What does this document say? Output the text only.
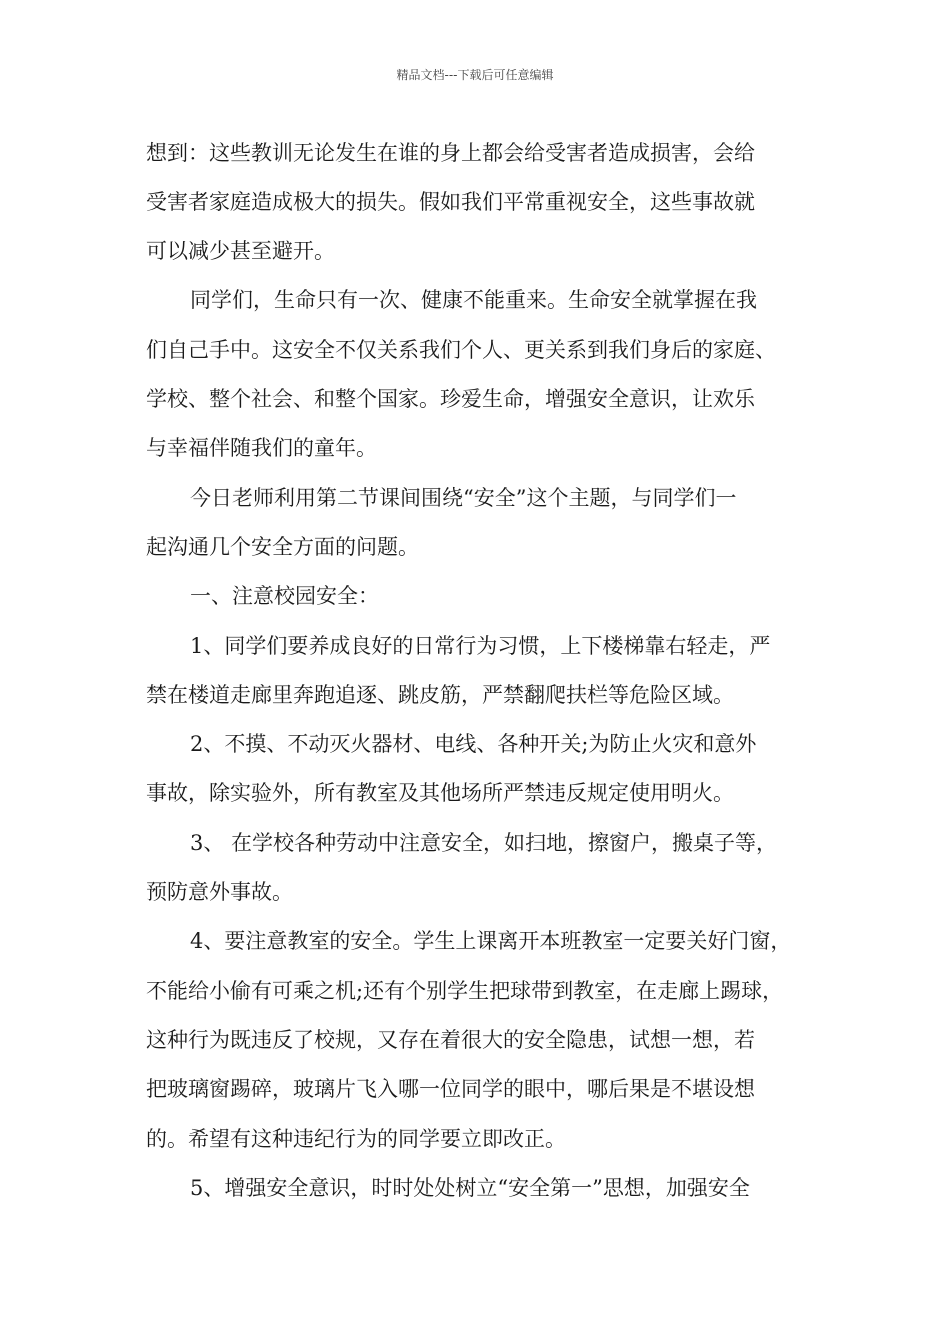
精品文档---下载后可任意编辑
想到：这些教训无论发生在谁的身上都会给受害者造成损害，会给
受害者家庭造成极大的损失。假如我们平常重视安全，这些事故就
可以减少甚至避开。
同学们，生命只有一次、健康不能重来。生命安全就掌握在我
们自己手中。这安全不仅关系我们个人、更关系到我们身后的家庭、
学校、整个社会、和整个国家。珍爱生命，增强安全意识，让欢乐
与幸福伴随我们的童年。
今日老师利用第二节课间围绕“安全”这个主题，与同学们一
起沟通几个安全方面的问题。
一、注意校园安全：
1、同学们要养成良好的日常行为习惯，上下楼梯靠右轻走，严
禁在楼道走廊里奔跑追逐、跳皮筋，严禁翻爬扶栏等危险区域。
2、不摸、不动灭火器材、电线、各种开关;为防止火灾和意外
事故，除实验外，所有教室及其他场所严禁违反规定使用明火。
3、 在学校各种劳动中注意安全，如扫地，擦窗户，搬桌子等，
预防意外事故。
4、要注意教室的安全。学生上课离开本班教室一定要关好门窗，
不能给小偷有可乘之机;还有个别学生把球带到教室，在走廊上踢球，
这种行为既违反了校规，又存在着很大的安全隐患，试想一想，若
把玻璃窗踢碎，玻璃片飞入哪一位同学的眼中，哪后果是不堪设想
的。希望有这种违纪行为的同学要立即改正。
5、增强安全意识，时时处处树立“安全第一”思想，加强安全
